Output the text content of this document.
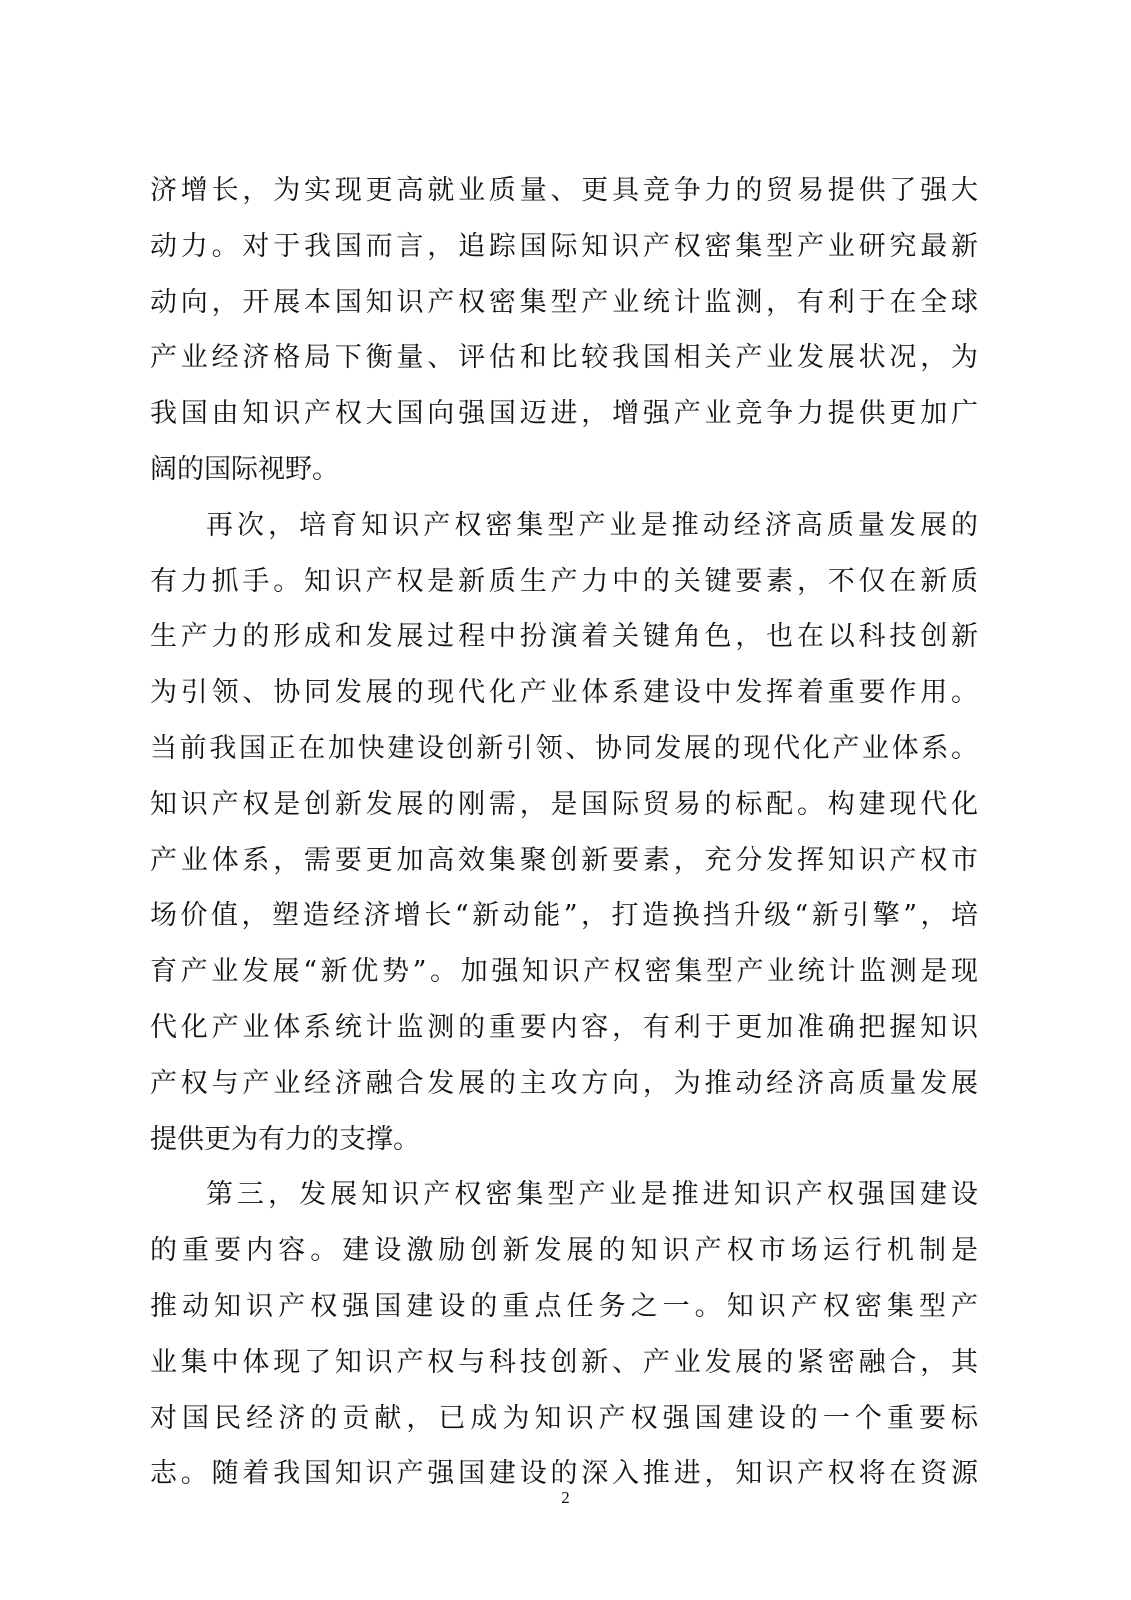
济增长，为实现更高就业质量、更具竞争力的贸易提供了强大
动力。对于我国而言，追踪国际知识产权密集型产业研究最新
动向，开展本国知识产权密集型产业统计监测，有利于在全球
产业经济格局下衡量、评估和比较我国相关产业发展状况，为
我国由知识产权大国向强国迈进，增强产业竞争力提供更加广
阔的国际视野。
再次，培育知识产权密集型产业是推动经济高质量发展的
有力抓手。知识产权是新质生产力中的关键要素，不仅在新质
生产力的形成和发展过程中扮演着关键角色，也在以科技创新
为引领、协同发展的现代化产业体系建设中发挥着重要作用。
当前我国正在加快建设创新引领、协同发展的现代化产业体系。
知识产权是创新发展的刚需，是国际贸易的标配。构建现代化
产业体系，需要更加高效集聚创新要素，充分发挥知识产权市
场价值，塑造经济增长“新动能”，打造换挡升级“新引擎”，培
育产业发展“新优势”。加强知识产权密集型产业统计监测是现
代化产业体系统计监测的重要内容，有利于更加准确把握知识
产权与产业经济融合发展的主攻方向，为推动经济高质量发展
提供更为有力的支撑。
第三，发展知识产权密集型产业是推进知识产权强国建设
的重要内容。建设激励创新发展的知识产权市场运行机制是
推动知识产权强国建设的重点任务之一。知识产权密集型产
业集中体现了知识产权与科技创新、产业发展的紧密融合，其
对国民经济的贡献，已成为知识产权强国建设的一个重要标
志。随着我国知识产强国建设的深入推进，知识产权将在资源
2
